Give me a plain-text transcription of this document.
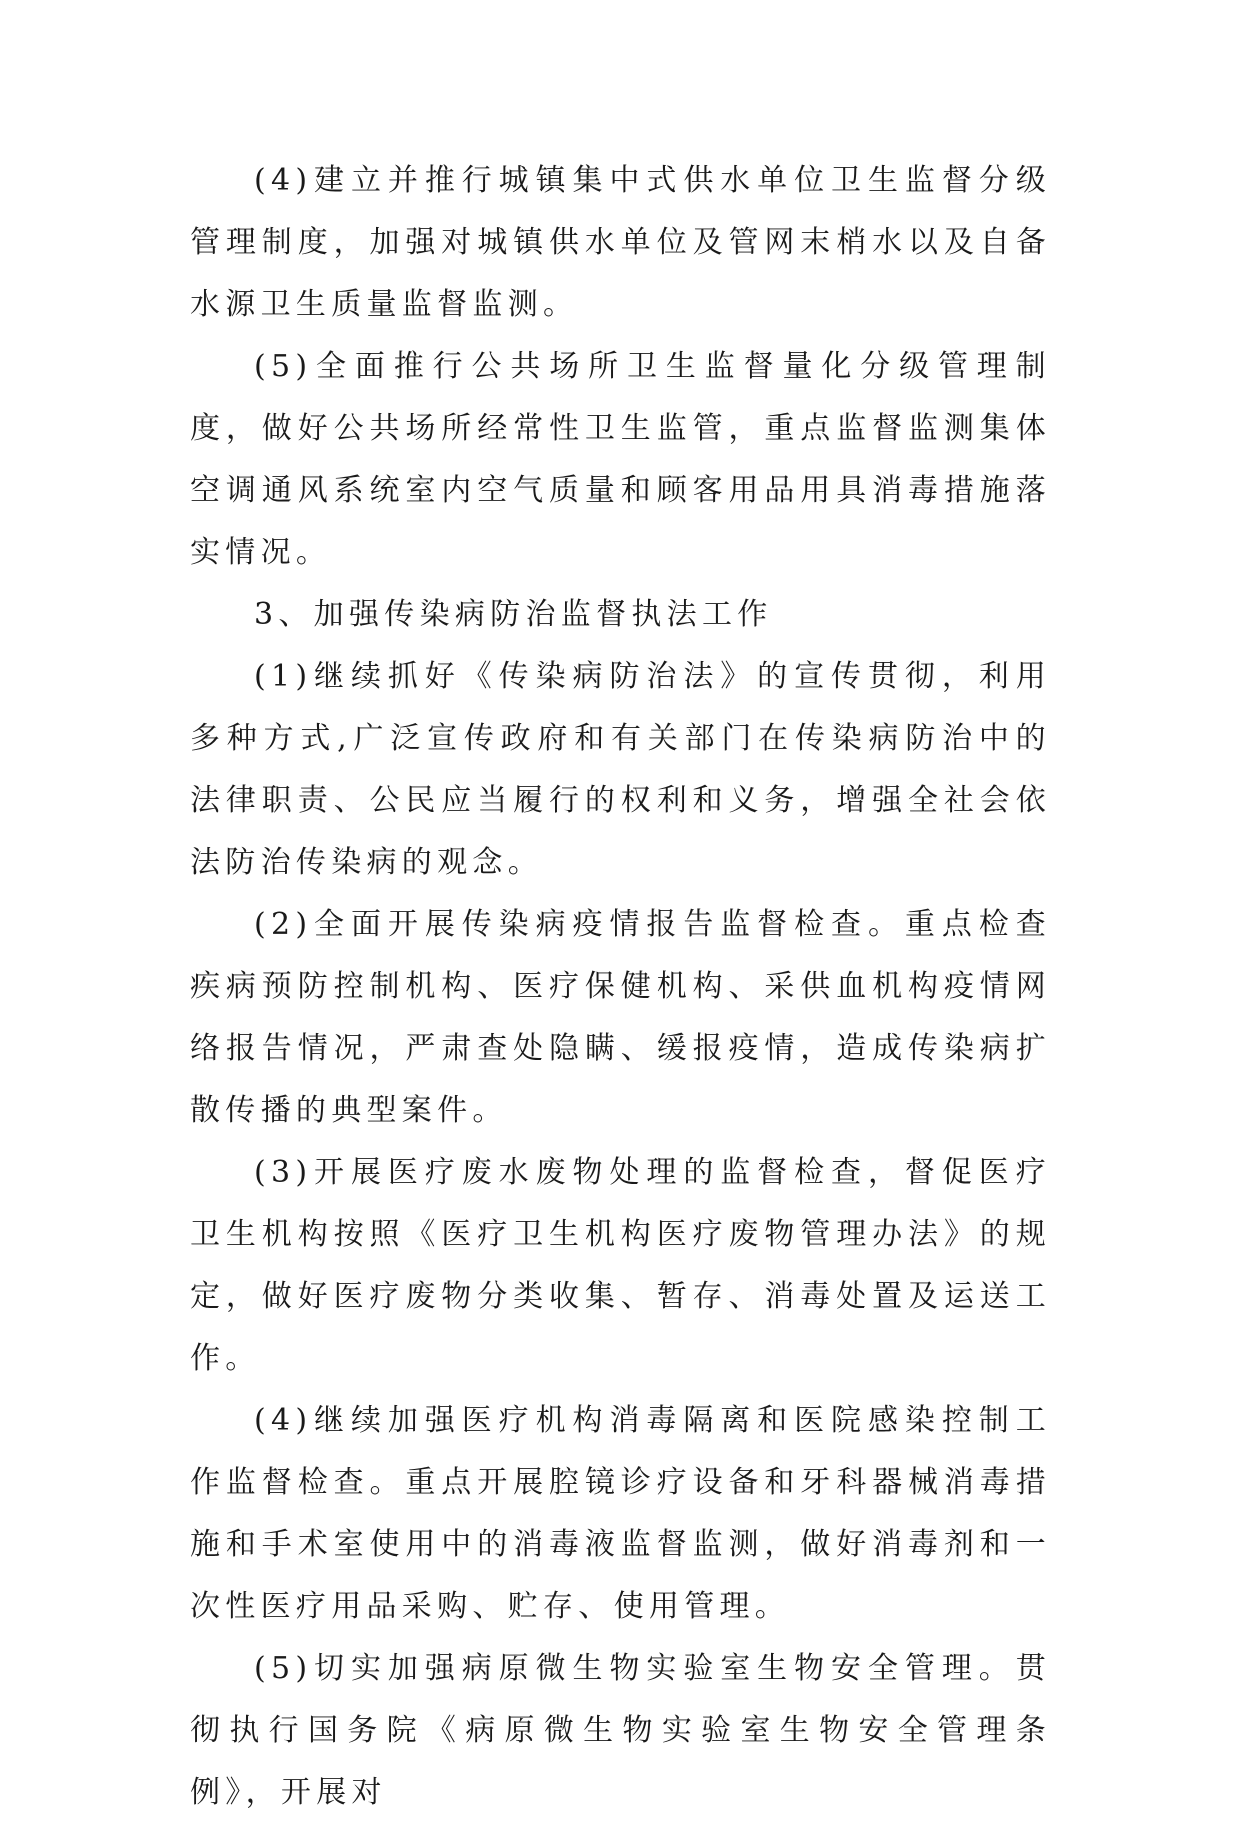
(4)建立并推行城镇集中式供水单位卫生监督分级管理制度，加强对城镇供水单位及管网末梢水以及自备水源卫生质量监督监测。

(5)全面推行公共场所卫生监督量化分级管理制度，做好公共场所经常性卫生监管，重点监督监测集体空调通风系统室内空气质量和顾客用品用具消毒措施落实情况。

3、加强传染病防治监督执法工作

(1)继续抓好《传染病防治法》的宣传贯彻，利用多种方式,广泛宣传政府和有关部门在传染病防治中的法律职责、公民应当履行的权利和义务，增强全社会依法防治传染病的观念。

(2)全面开展传染病疫情报告监督检查。重点检查疾病预防控制机构、医疗保健机构、采供血机构疫情网络报告情况，严肃查处隐瞒、缓报疫情，造成传染病扩散传播的典型案件。

(3)开展医疗废水废物处理的监督检查，督促医疗卫生机构按照《医疗卫生机构医疗废物管理办法》的规定，做好医疗废物分类收集、暂存、消毒处置及运送工作。

(4)继续加强医疗机构消毒隔离和医院感染控制工作监督检查。重点开展腔镜诊疗设备和牙科器械消毒措施和手术室使用中的消毒液监督监测，做好消毒剂和一次性医疗用品采购、贮存、使用管理。

(5)切实加强病原微生物实验室生物安全管理。贯彻执行国务院《病原微生物实验室生物安全管理条例》，开展对
